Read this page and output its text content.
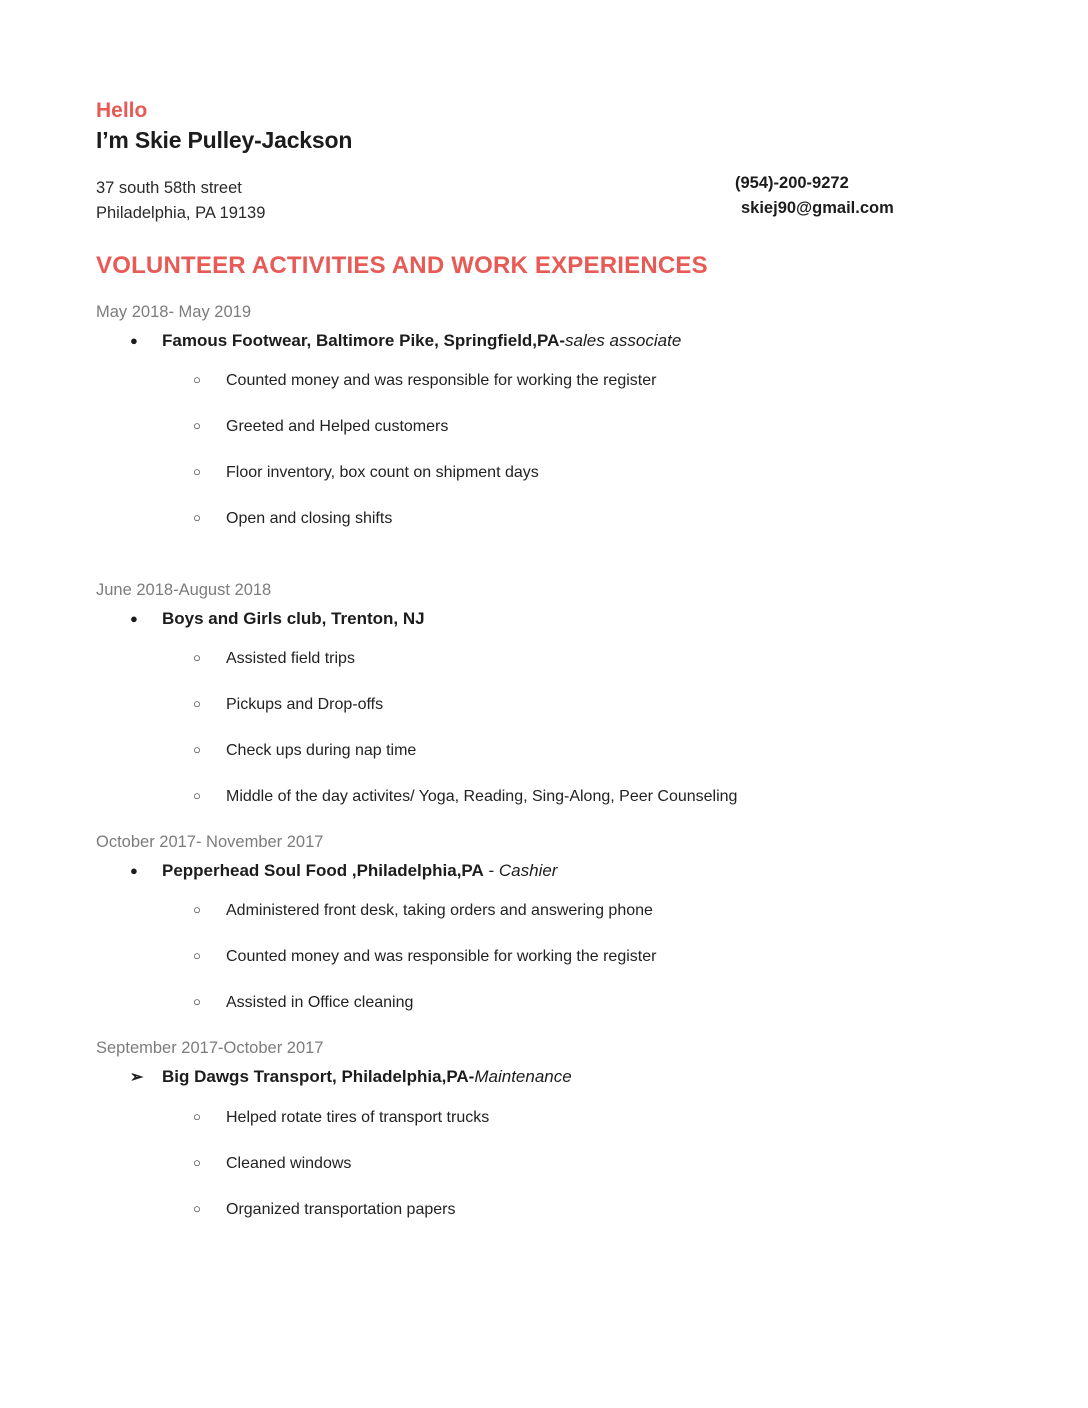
Hello
I’m Skie Pulley-Jackson
37 south 58th street
Philadelphia, PA 19139
(954)-200-9272
skiej90@gmail.com
VOLUNTEER ACTIVITIES AND WORK EXPERIENCES
May 2018- May 2019
● Famous Footwear, Baltimore Pike, Springfield,PA-sales associate
○ Counted money and was responsible for working the register
○ Greeted and Helped customers
○ Floor inventory, box count on shipment days
○ Open and closing shifts
June 2018-August 2018
● Boys and Girls club, Trenton, NJ
○ Assisted field trips
○ Pickups and Drop-offs
○ Check ups during nap time
○ Middle of the day activites/ Yoga, Reading, Sing-Along, Peer Counseling
October 2017- November 2017
● Pepperhead Soul Food ,Philadelphia,PA - Cashier
○ Administered front desk, taking orders and answering phone
○ Counted money and was responsible for working the register
○ Assisted in Office cleaning
September 2017-October 2017
➢ Big Dawgs Transport, Philadelphia,PA-Maintenance
○ Helped rotate tires of transport trucks
○ Cleaned windows
○ Organized transportation papers
